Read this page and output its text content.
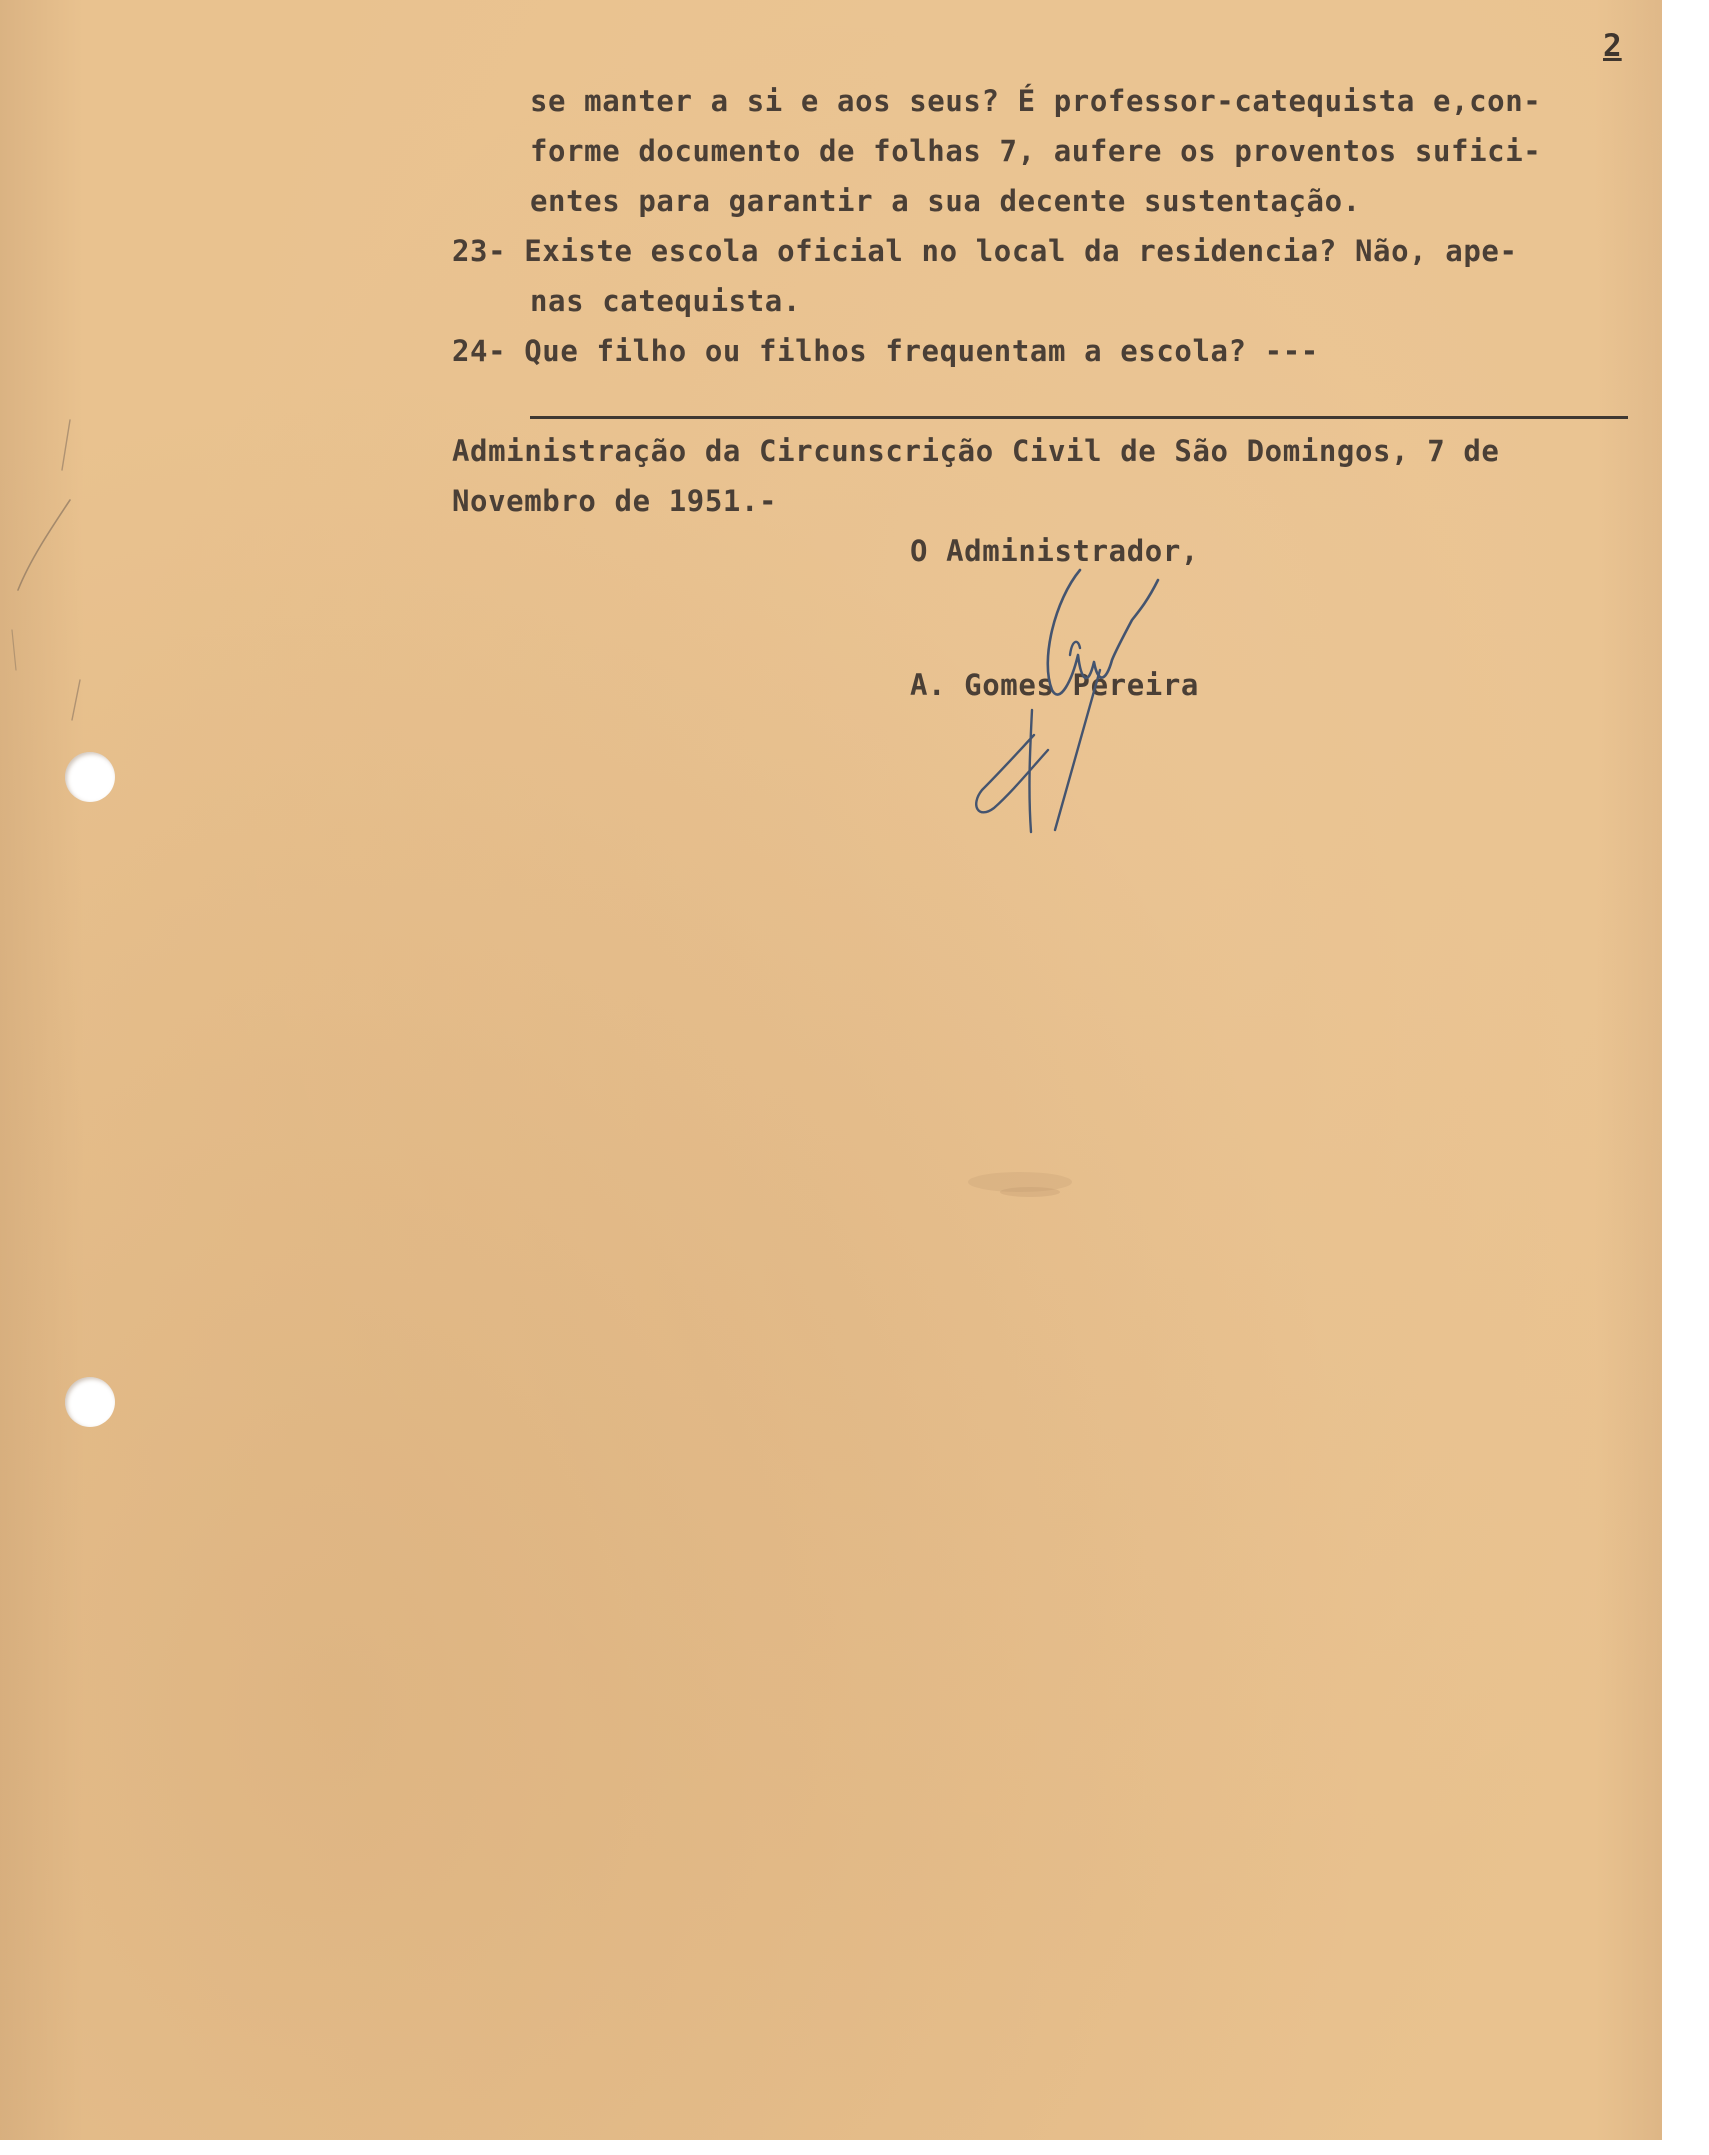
2
se manter a si e aos seus? É professor-catequista e,con-
forme documento de folhas 7, aufere os proventos sufici-
entes para garantir a sua decente sustentação.
23- Existe escola oficial no local da residencia? Não, ape-
nas catequista.
24- Que filho ou filhos frequentam a escola? ---
Administração da Circunscrição Civil de São Domingos, 7 de
Novembro de 1951.-
O Administrador,
A. Gomes Pereira
